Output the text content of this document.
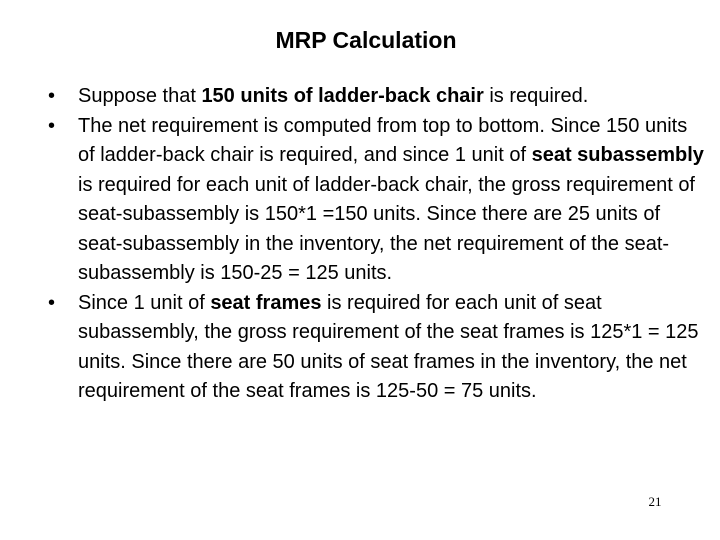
MRP Calculation
•	Suppose that 150 units of ladder-back chair is required.
•	The net requirement is computed from top to bottom. Since 150 units of ladder-back chair is required, and since 1 unit of seat subassembly is required for each unit of ladder-back chair, the gross requirement of seat-subassembly is 150*1 =150 units. Since there are 25 units of seat-subassembly in the inventory, the net requirement of the seat-subassembly is 150-25 = 125 units.
•	Since 1 unit of seat frames is required for each unit of seat subassembly, the gross requirement of the seat frames is 125*1 = 125 units. Since there are 50 units of seat frames in the inventory, the net requirement of the seat frames is 125-50 = 75 units.
21
